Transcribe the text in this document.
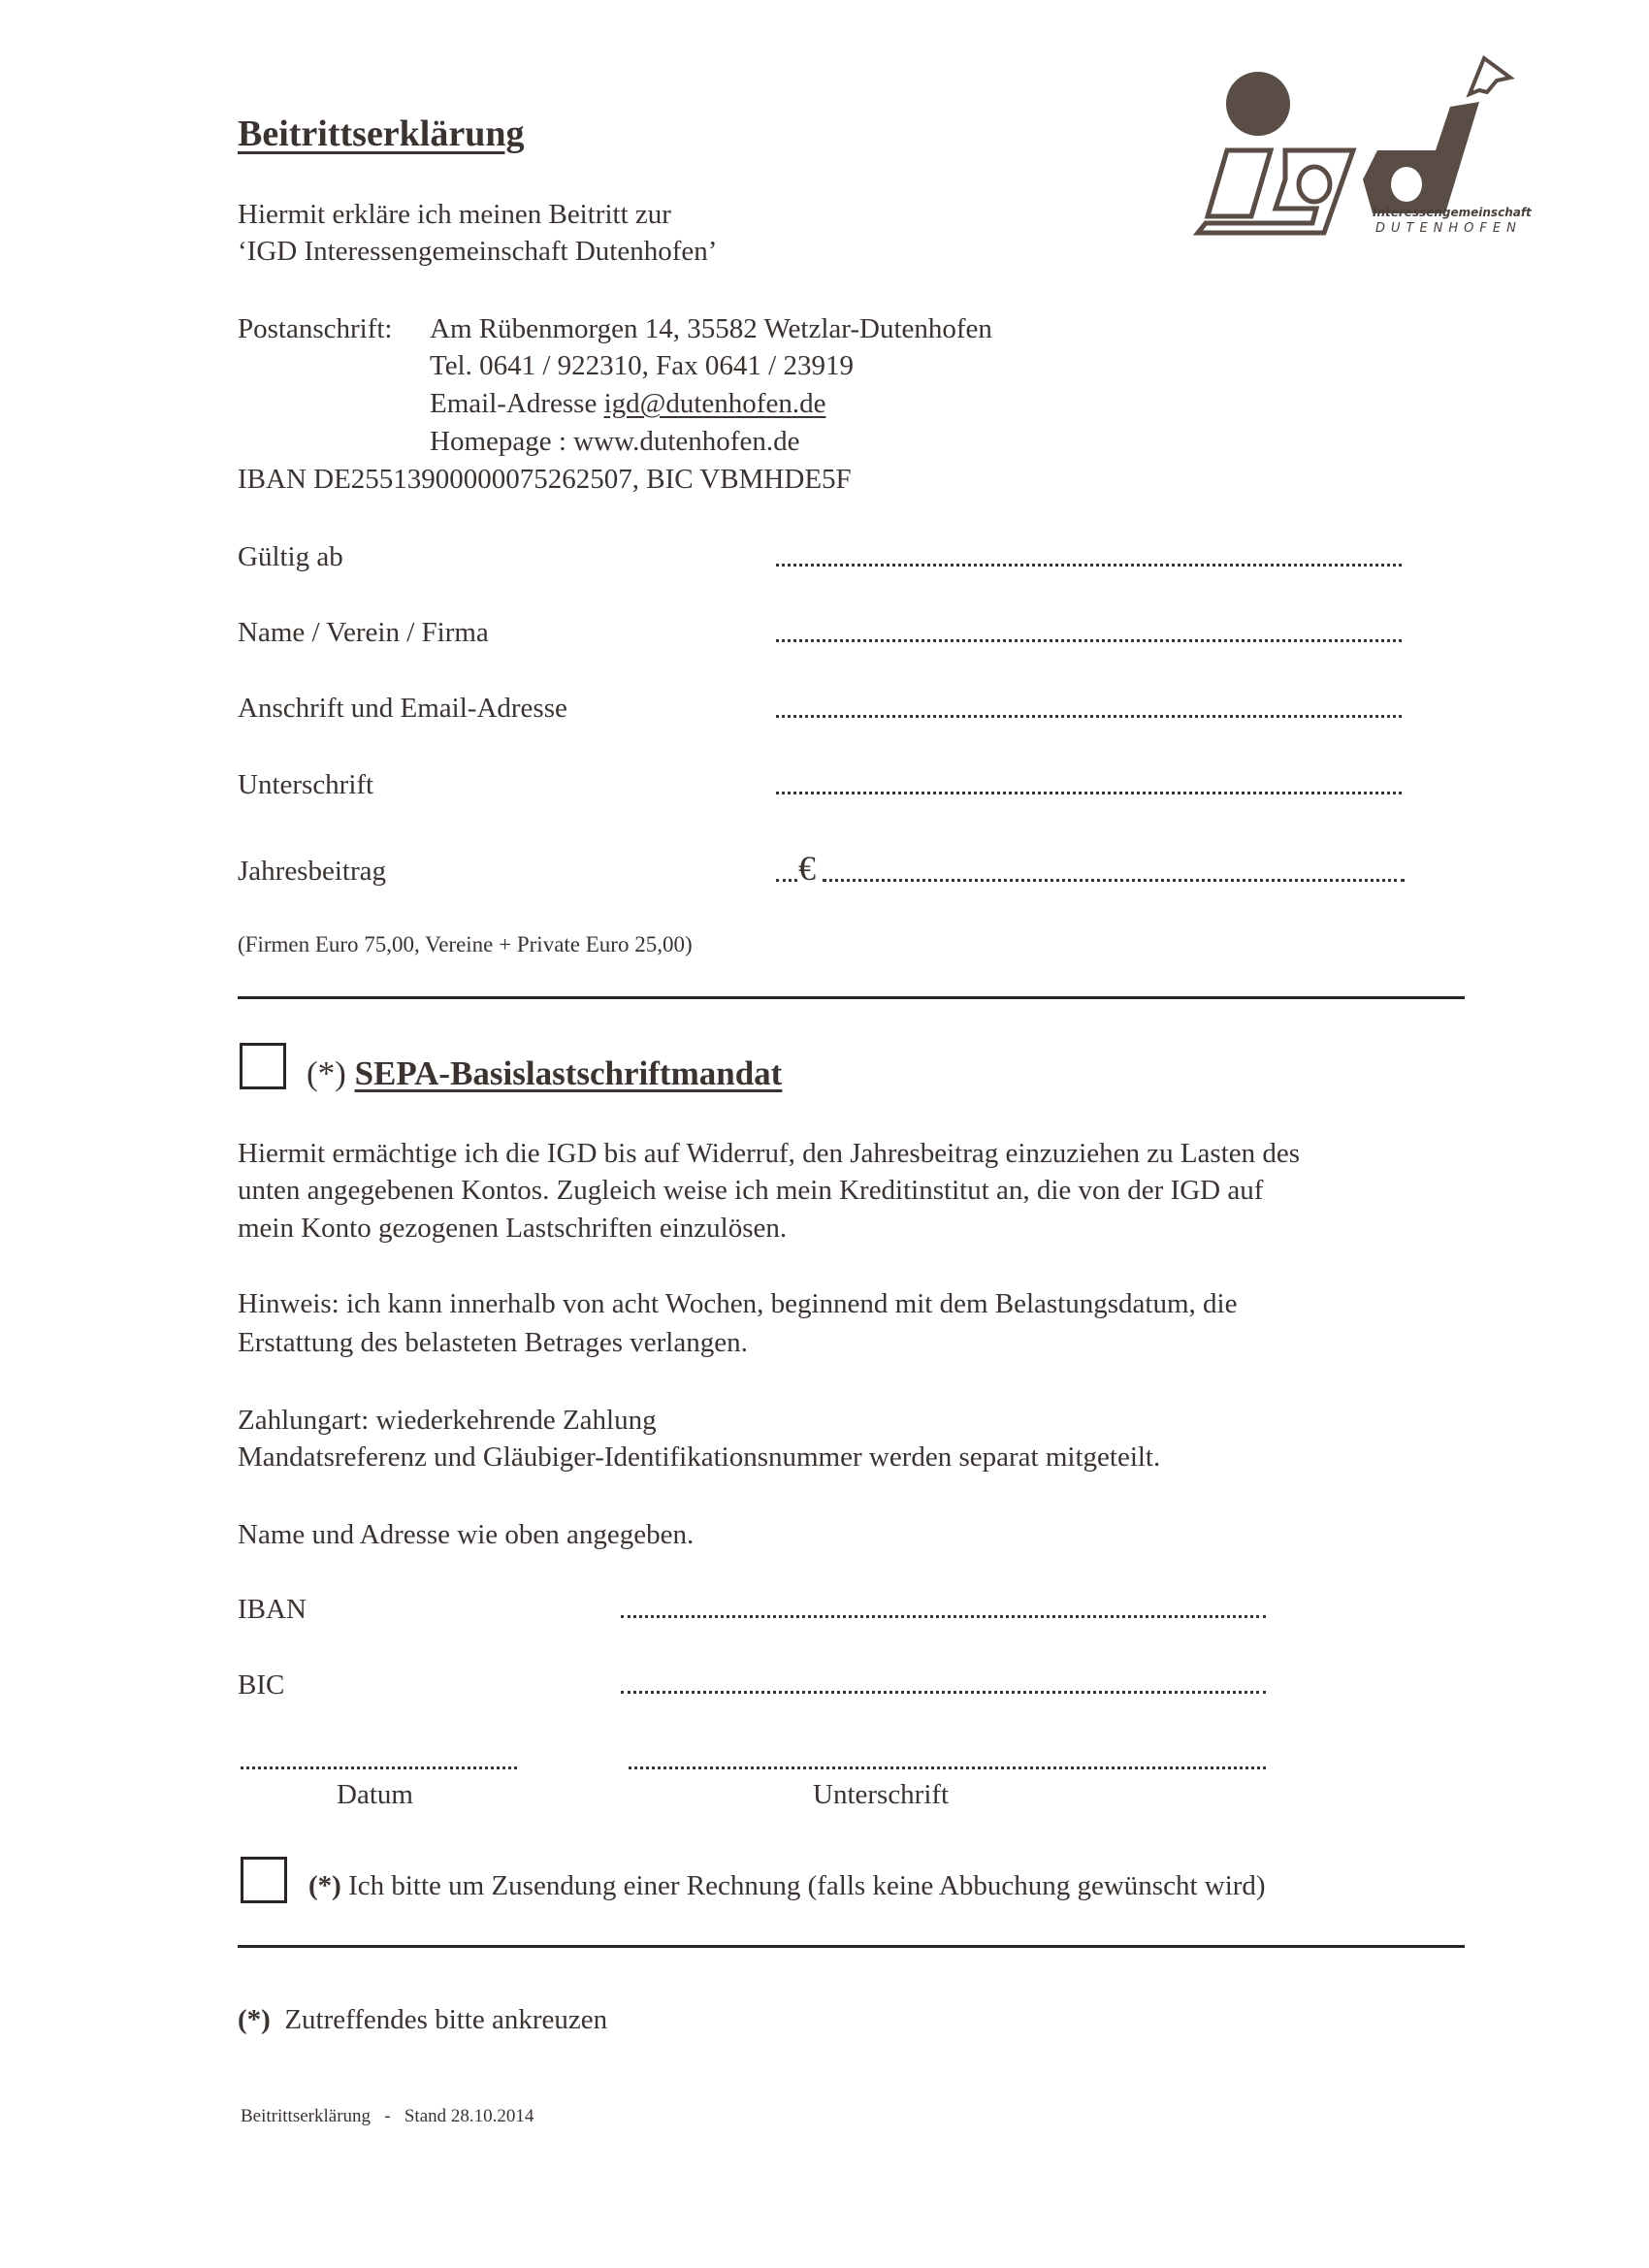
Interessengemeinschaft
DUTENHOFEN
Beitrittserklärung
Hiermit erkläre ich meinen Beitritt zur
‘IGD Interessengemeinschaft Dutenhofen’
Postanschrift: Am Rübenmorgen 14, 35582 Wetzlar-Dutenhofen
Tel. 0641 / 922310, Fax 0641 / 23919
Email-Adresse igd@dutenhofen.de
Homepage : www.dutenhofen.de
IBAN DE25513900000075262507, BIC VBMHDE5F
Gültig ab
Name / Verein / Firma
Anschrift und Email-Adresse
Unterschrift
Jahresbeitrag	€
(Firmen Euro 75,00, Vereine + Private Euro 25,00)
(*) SEPA-Basislastschriftmandat
Hiermit ermächtige ich die IGD bis auf Widerruf, den Jahresbeitrag einzuziehen zu Lasten des
unten angegebenen Kontos. Zugleich weise ich mein Kreditinstitut an, die von der IGD auf
mein Konto gezogenen Lastschriften einzulösen.
Hinweis: ich kann innerhalb von acht Wochen, beginnend mit dem Belastungsdatum, die
Erstattung des belasteten Betrages verlangen.
Zahlungart: wiederkehrende Zahlung
Mandatsreferenz und Gläubiger-Identifikationsnummer werden separat mitgeteilt.
Name und Adresse wie oben angegeben.
IBAN
BIC
Datum	Unterschrift
(*) Ich bitte um Zusendung einer Rechnung (falls keine Abbuchung gewünscht wird)
(*) Zutreffendes bitte ankreuzen
Beitrittserklärung - Stand 28.10.2014
